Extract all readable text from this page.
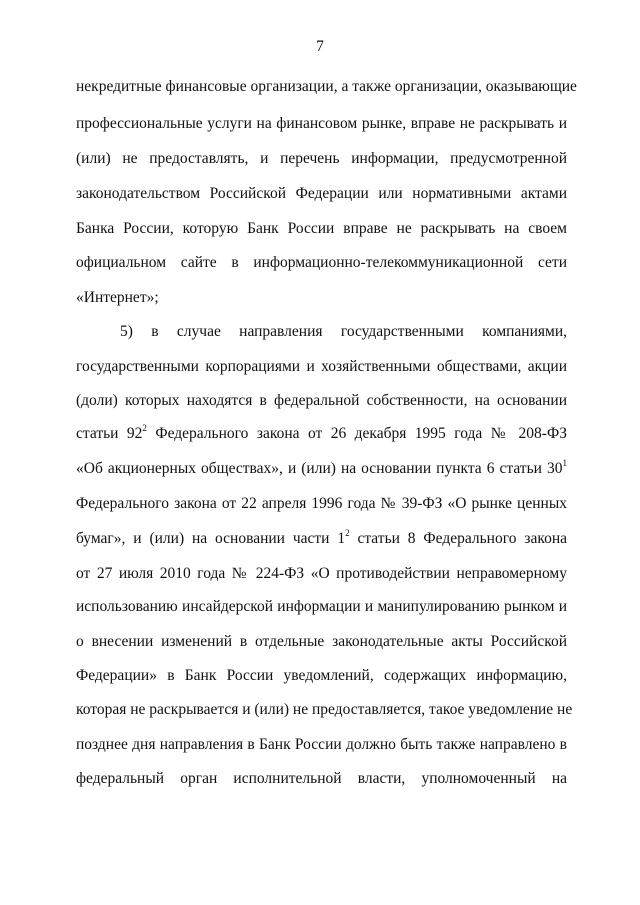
7
некредитные финансовые организации, а также организации, оказывающие
профессиональные услуги на финансовом рынке, вправе не раскрывать и
(или) не предоставлять, и перечень информации, предусмотренной
законодательством Российской Федерации или нормативными актами
Банка России, которую Банк России вправе не раскрывать на своем
официальном сайте в информационно-телекоммуникационной сети
«Интернет»;
5) в случае направления государственными компаниями,
государственными корпорациями и хозяйственными обществами, акции
(доли) которых находятся в федеральной собственности, на основании
статьи $92^2$ Федерального закона от 26 декабря 1995 года № 208-ФЗ
«Об акционерных обществах», и (или) на основании пункта 6 статьи $30^1$
Федерального закона от 22 апреля 1996 года № 39-ФЗ «О рынке ценных
бумаг», и (или) на основании части $1^2$ статьи 8 Федерального закона
от 27 июля 2010 года № 224-ФЗ «О противодействии неправомерному
использованию инсайдерской информации и манипулированию рынком и
о внесении изменений в отдельные законодательные акты Российской
Федерации» в Банк России уведомлений, содержащих информацию,
которая не раскрывается и (или) не предоставляется, такое уведомление не
позднее дня направления в Банк России должно быть также направлено в
федеральный орган исполнительной власти, уполномоченный на
